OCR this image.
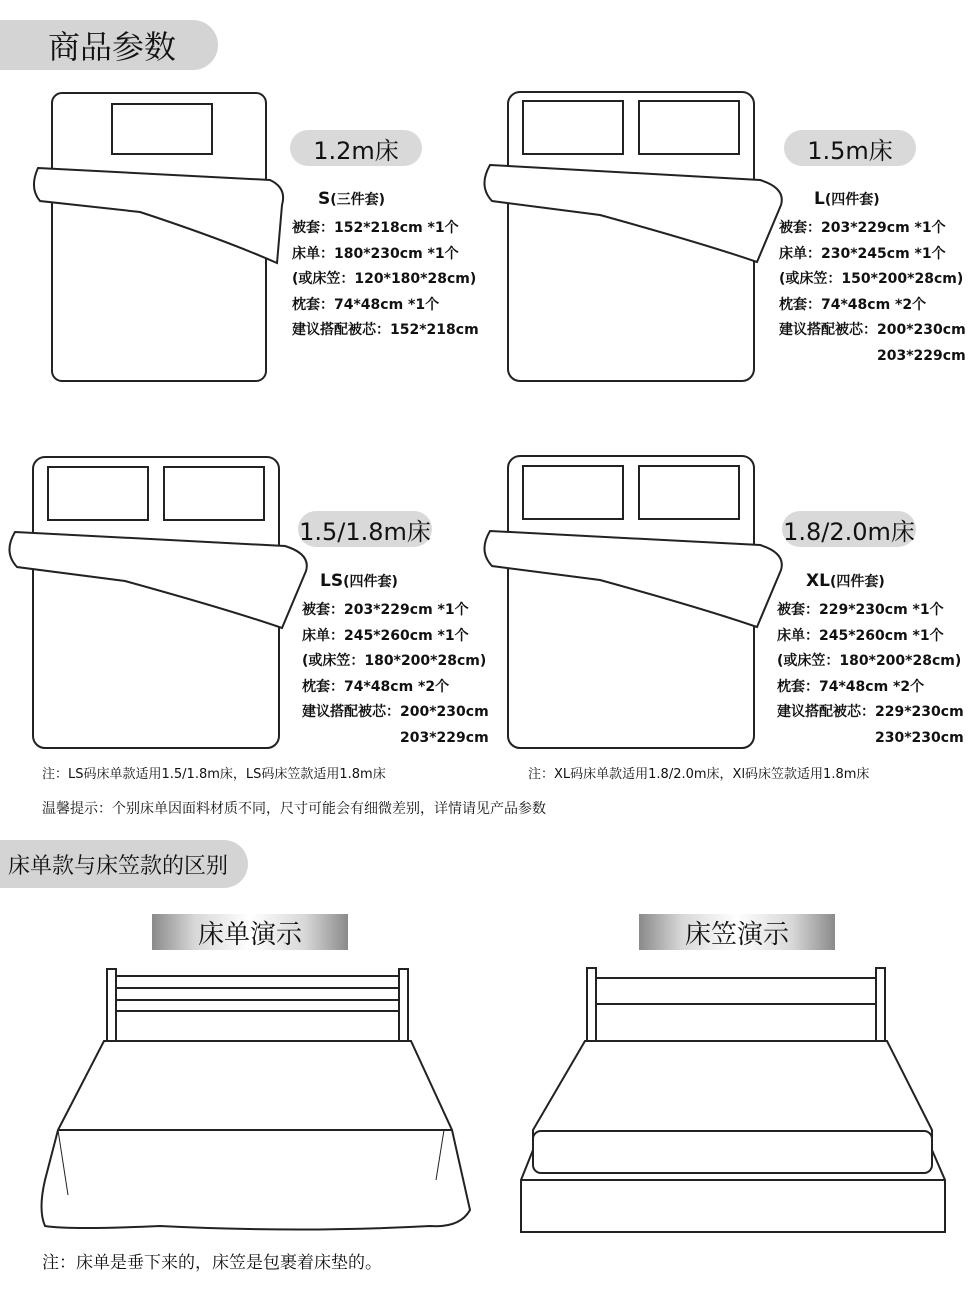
商品参数
1.2m床
S(三件套)
被套：152*218cm *1个
床单：180*230cm *1个
(或床笠：120*180*28cm)
枕套：74*48cm *1个
建议搭配被芯：152*218cm
1.5m床
L(四件套)
被套：203*229cm *1个
床单：230*245cm *1个
(或床笠：150*200*28cm)
枕套：74*48cm *2个
建议搭配被芯：200*230cm
203*229cm
1.5/1.8m床
LS(四件套)
被套：203*229cm *1个
床单：245*260cm *1个
(或床笠：180*200*28cm)
枕套：74*48cm *2个
建议搭配被芯：200*230cm
203*229cm
1.8/2.0m床
XL(四件套)
被套：229*230cm *1个
床单：245*260cm *1个
(或床笠：180*200*28cm)
枕套：74*48cm *2个
建议搭配被芯：229*230cm
230*230cm
注：LS码床单款适用1.5/1.8m床，LS码床笠款适用1.8m床	注：XL码床单款适用1.8/2.0m床，Xl码床笠款适用1.8m床
温馨提示：个别床单因面料材质不同，尺寸可能会有细微差别，详情请见产品参数
床单款与床笠款的区别
床单演示	床笠演示
注：床单是垂下来的，床笠是包裹着床垫的。
